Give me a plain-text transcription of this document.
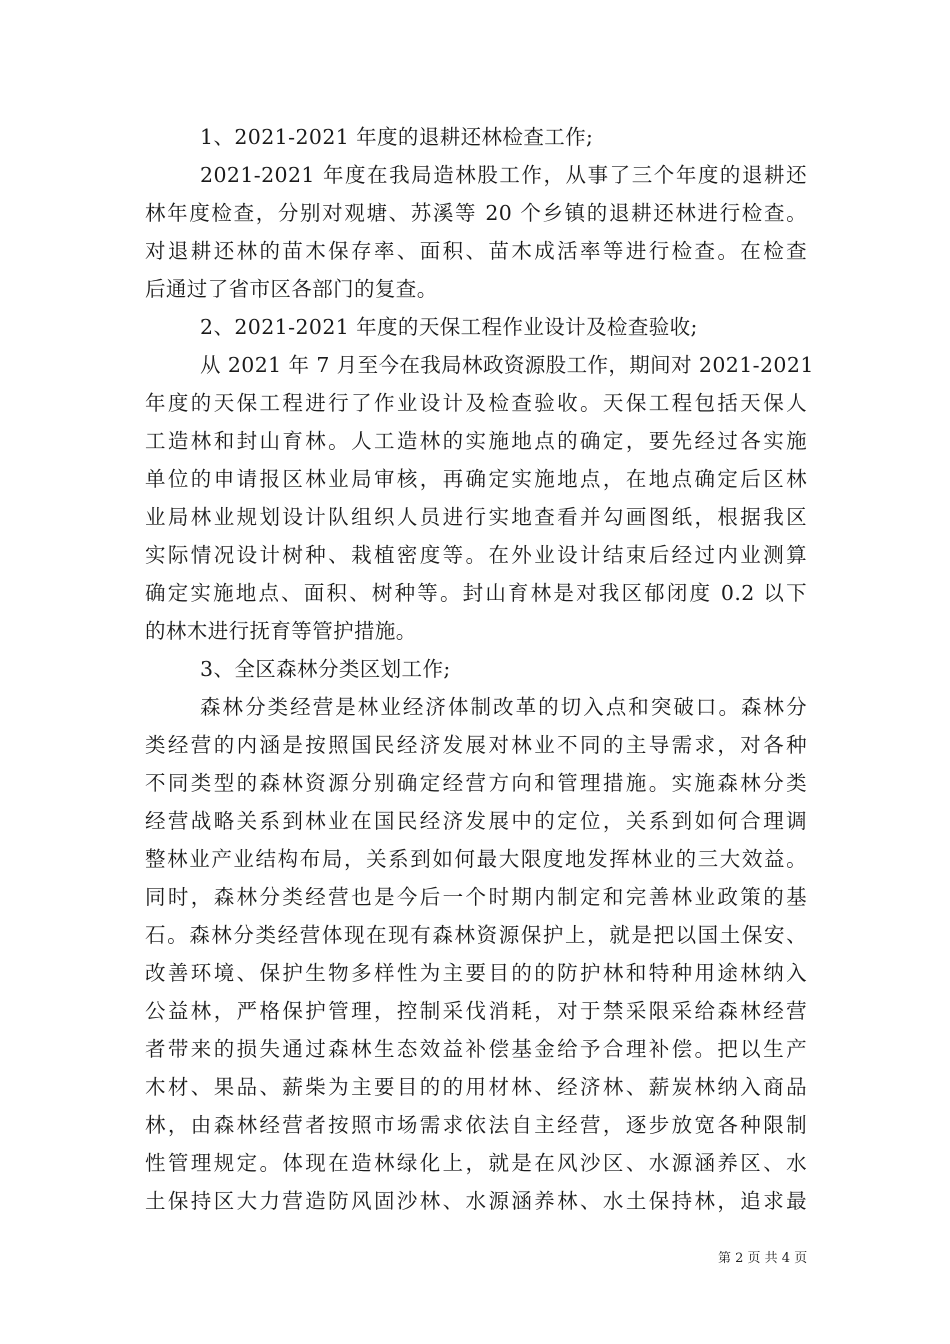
1、2021-2021 年度的退耕还林检查工作;
2021-2021 年度在我局造林股工作，从事了三个年度的退耕还
林年度检查，分别对观塘、苏溪等 20 个乡镇的退耕还林进行检查。
对退耕还林的苗木保存率、面积、苗木成活率等进行检查。在检查
后通过了省市区各部门的复查。
2、2021-2021 年度的天保工程作业设计及检查验收;
从 2021 年 7 月至今在我局林政资源股工作，期间对 2021-2021
年度的天保工程进行了作业设计及检查验收。天保工程包括天保人
工造林和封山育林。人工造林的实施地点的确定，要先经过各实施
单位的申请报区林业局审核，再确定实施地点，在地点确定后区林
业局林业规划设计队组织人员进行实地查看并勾画图纸，根据我区
实际情况设计树种、栽植密度等。在外业设计结束后经过内业测算
确定实施地点、面积、树种等。封山育林是对我区郁闭度 0.2 以下
的林木进行抚育等管护措施。
3、全区森林分类区划工作;
森林分类经营是林业经济体制改革的切入点和突破口。森林分
类经营的内涵是按照国民经济发展对林业不同的主导需求，对各种
不同类型的森林资源分别确定经营方向和管理措施。实施森林分类
经营战略关系到林业在国民经济发展中的定位，关系到如何合理调
整林业产业结构布局，关系到如何最大限度地发挥林业的三大效益。
同时，森林分类经营也是今后一个时期内制定和完善林业政策的基
石。森林分类经营体现在现有森林资源保护上，就是把以国土保安、
改善环境、保护生物多样性为主要目的的防护林和特种用途林纳入
公益林，严格保护管理，控制采伐消耗，对于禁采限采给森林经营
者带来的损失通过森林生态效益补偿基金给予合理补偿。把以生产
木材、果品、薪柴为主要目的的用材林、经济林、薪炭林纳入商品
林，由森林经营者按照市场需求依法自主经营，逐步放宽各种限制
性管理规定。体现在造林绿化上，就是在风沙区、水源涵养区、水
土保持区大力营造防风固沙林、水源涵养林、水土保持林，追求最
第 2 页 共 4 页
